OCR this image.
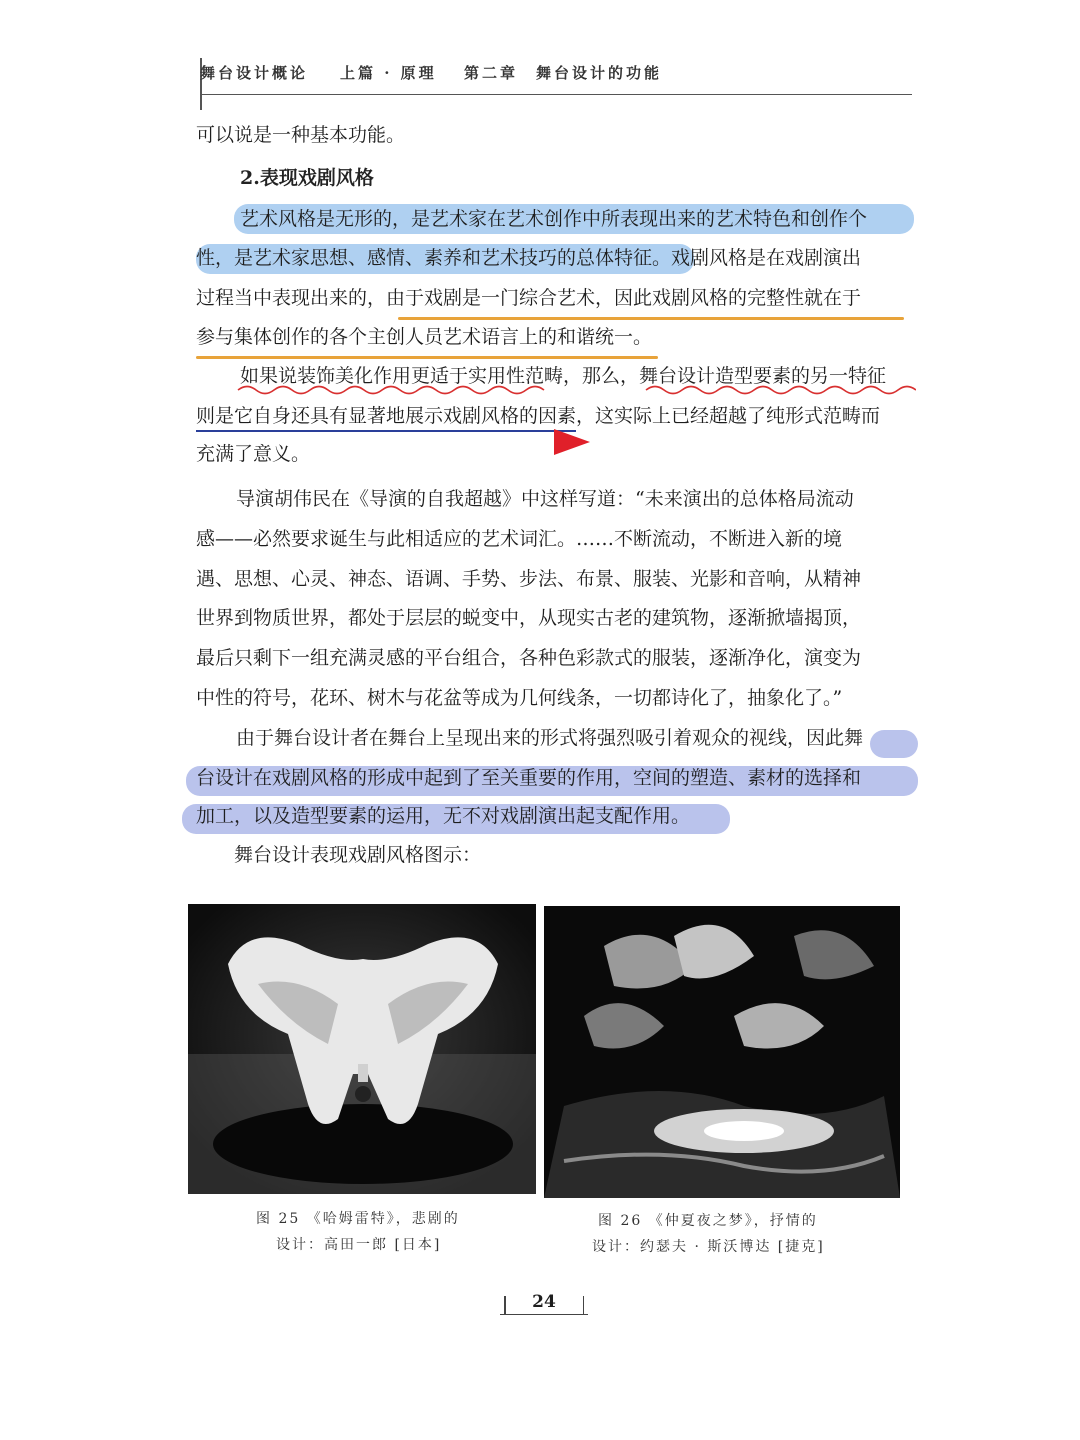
舞台设计概论 上篇 · 原理 第二章 舞台设计的功能
可以说是一种基本功能。
2.表现戏剧风格
艺术风格是无形的，是艺术家在艺术创作中所表现出来的艺术特色和创作个
性，是艺术家思想、感情、素养和艺术技巧的总体特征。戏剧风格是在戏剧演出
过程当中表现出来的，由于戏剧是一门综合艺术，因此戏剧风格的完整性就在于
参与集体创作的各个主创人员艺术语言上的和谐统一。
如果说装饰美化作用更适于实用性范畴，那么，舞台设计造型要素的另一特征
则是它自身还具有显著地展示戏剧风格的因素，这实际上已经超越了纯形式范畴而
充满了意义。
导演胡伟民在《导演的自我超越》中这样写道：“未来演出的总体格局流动
感——必然要求诞生与此相适应的艺术词汇。……不断流动，不断进入新的境
遇、思想、心灵、神态、语调、手势、步法、布景、服装、光影和音响，从精神
世界到物质世界，都处于层层的蜕变中，从现实古老的建筑物，逐渐掀墙揭顶，
最后只剩下一组充满灵感的平台组合，各种色彩款式的服装，逐渐净化，演变为
中性的符号，花环、树木与花盆等成为几何线条，一切都诗化了，抽象化了。”
由于舞台设计者在舞台上呈现出来的形式将强烈吸引着观众的视线，因此舞
台设计在戏剧风格的形成中起到了至关重要的作用，空间的塑造、素材的选择和
加工，以及造型要素的运用，无不对戏剧演出起支配作用。
舞台设计表现戏剧风格图示：
图 25 《哈姆雷特》，悲剧的
设计：高田一郎 [日本]
图 26 《仲夏夜之梦》，抒情的
设计：约瑟夫 · 斯沃博达 [捷克]
24
